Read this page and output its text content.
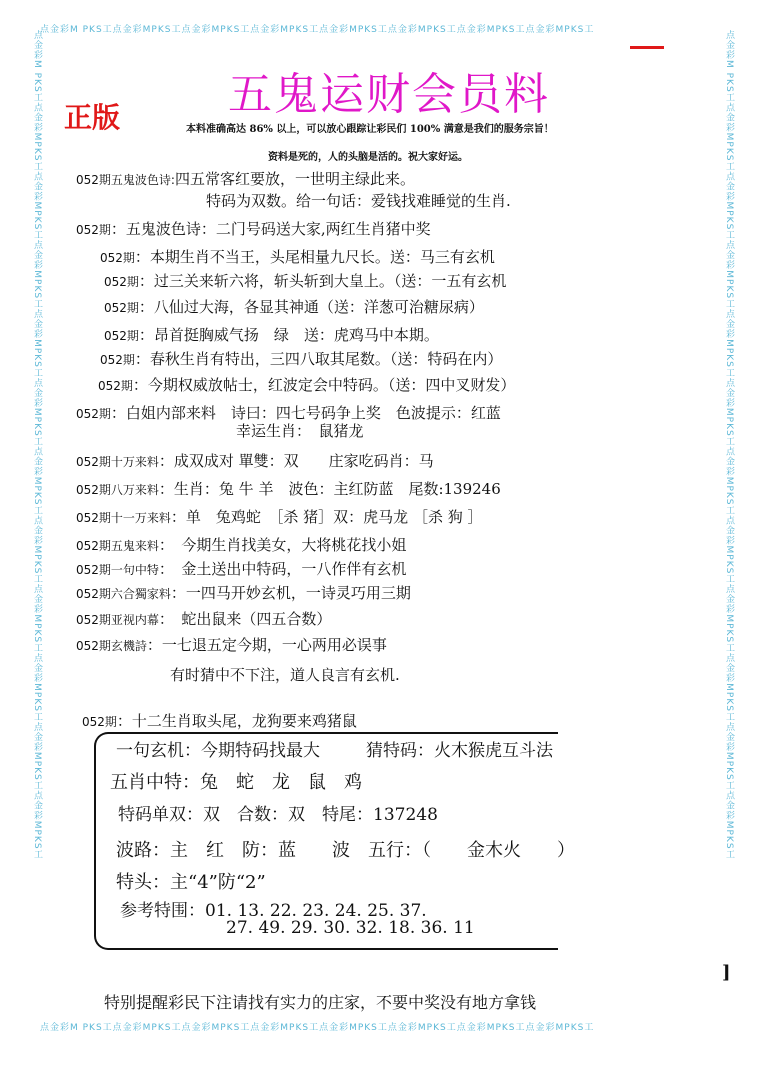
点金彩M PKS工点金彩MPKS工点金彩MPKS工点金彩MPKS工点金彩MPKS工点金彩MPKS工点金彩MPKS工点金彩MPKS工
点金彩M PKS工点金彩MPKS工点金彩MPKS工点金彩MPKS工点金彩MPKS工点金彩MPKS工点金彩MPKS工点金彩MPKS工
点金彩M PKS工点金彩MPKS工点金彩MPKS工点金彩MPKS工点金彩MPKS工点金彩MPKS工点金彩MPKS工点金彩MPKS工点金彩MPKS工点金彩MPKS工点金彩MPKS工点金彩MPKS工	点金彩M PKS工点金彩MPKS工点金彩MPKS工点金彩MPKS工点金彩MPKS工点金彩MPKS工点金彩MPKS工点金彩MPKS工点金彩MPKS工点金彩MPKS工点金彩MPKS工点金彩MPKS工
五鬼运财会员料
正版	本料准确高达 86% 以上，可以放心跟踪让彩民们 100% 满意是我们的服务宗旨！
资料是死的，人的头脑是活的。祝大家好运。
052期五鬼波色诗:四五常客红要放，一世明主绿此来。
特码为双数。给一句话：爱钱找难睡觉的生肖.
052期：五鬼波色诗：二门号码送大家,两红生肖猪中奖
052期：本期生肖不当王，头尾相量九尺长。送：马三有玄机
052期：过三关来斩六将，斩头斩到大皇上。（送：一五有玄机
052期：八仙过大海，各显其神通（送：洋葱可治糖尿病）
052期：昂首挺胸威气扬　绿　送：虎鸡马中本期。
052期：春秋生肖有特出，三四八取其尾数。（送：特码在内）
052期：今期权威放帖士，红波定会中特码。（送：四中叉财发）
052期：白姐内部来料　诗曰：四七号码争上奖　色波提示：红蓝
幸运生肖：　鼠猪龙
052期十万来料：成双成对 單雙：双　　庄家吃码肖：马
052期八万来料：生肖：兔 牛 羊　波色：主红防蓝　尾数:139246
052期十一万来料：单　兔鸡蛇　［杀 猪］双：虎马龙 ［杀 狗 ］
052期五鬼来料：　今期生肖找美女，大将桃花找小姐
052期一句中特：　金土送出中特码，一八作伴有玄机
052期六合獨家料：一四马开妙玄机，一诗灵巧用三期
052期亚视内幕：　蛇出鼠来（四五合数）
052期玄機詩：一七退五定今期，一心两用必误事
有时猜中不下注，道人良言有玄机.
052期：十二生肖取头尾，龙狗要来鸡猪鼠
一句玄机：今期特码找最大	猜特码：火木猴虎互斗法
五肖中特：兔　蛇　龙　鼠　鸡
特码单双：双　合数：双　特尾：137248
波路：主　红　防：蓝　　波　五行：（　　金木火　　）
特头：主“4”防“2”
参考特围：01. 13. 22. 23. 24. 25. 37.
27. 49. 29. 30. 32. 18. 36. 11
]
特别提醒彩民下注请找有实力的庄家，不要中奖没有地方拿钱
